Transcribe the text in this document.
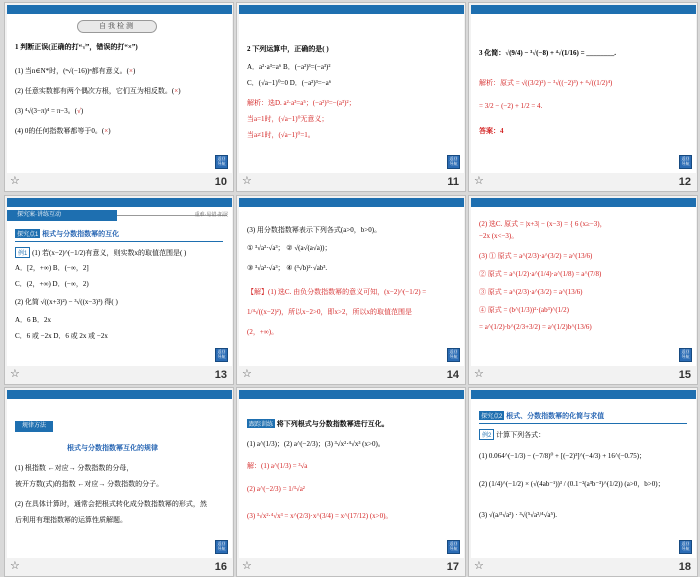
第四章 指数函数、对数函数与幂函数
自我检测
1 判断正误(正确的打“√”，错误的打“×”)
(1) 当n∈N*时，(ⁿ√(−16))ⁿ都有意义。(×)
(2) 任意实数都有两个偶次方根，它们互为相反数。(×)
(3) ⁴√(3−π)⁴ = π−3。(√)
(4) 0的任何指数幂都等于0。(×)
返回导航
☆	10
第四章 指数函数、对数函数与幂函数
2 下列运算中，正确的是( )
A．a²·a³=a⁶ B．(−a²)³=(−a³)²
C．(√a−1)⁰=0 D．(−a²)³=−a⁶
解析：选D. a²·a³=a⁵；(−a²)³=−(a³)²；
当a=1时，(√a−1)⁰无意义；
当a≠1时，(√a−1)⁰=1。
返回导航
☆	11
第四章 指数函数、对数函数与幂函数
3 化简：√(9/4) − ³√(−8) + ⁴√(1/16) = ________.
解析：原式 = √((3/2)²) − ³√((−2)³) + ⁴√((1/2)⁴)
= 3/2 − (−2) + 1/2 = 4.
答案：4
返回导航
☆	12
第四章 指数函数、对数函数与幂函数
探究案·讲练互动	重难·易错·拓展
探究点1 根式与分数指数幂的互化
例1 (1) 若(x−2)^(−1/2)有意义，则实数x的取值范围是( )
A．[2，+∞) B．(−∞，2]
C．(2，+∞) D．(−∞，2)
(2) 化简 √((x+3)²) − ³√((x−3)³) 得( )
A．6 B．2x
C．6 或 −2x D．6 或 2x 或 −2x
返回导航
☆	13
第四章 指数函数、对数函数与幂函数
(3) 用分数指数幂表示下列各式(a>0，b>0)。
① ³√a²·√a³； ② √(a√(a√a))；
③ ³√a²·√a³； ④ (³√b)²·√ab³.
【解】(1) 选C. 由负分数指数幂的意义可知，(x−2)^(−1/2) =
1/⁴√((x−2)²)，所以x−2>0，即x>2，所以x的取值范围是
(2，+∞)。
返回导航
☆	14
第四章 指数函数、对数函数与幂函数
(2) 选C. 原式 = |x+3| − (x−3) = { 6 (x≥−3)，
−2x (x<−3)。
(3) ① 原式 = a^(2/3)·a^(3/2) = a^(13/6)
② 原式 = a^(1/2)·a^(1/4)·a^(1/8) = a^(7/8)
③ 原式 = a^(2/3)·a^(3/2) = a^(13/6)
④ 原式 = (b^(1/3))²·(ab³)^(1/2)
= a^(1/2)·b^(2/3+3/2) = a^(1/2)b^(13/6)
返回导航
☆	15
第四章 指数函数、对数函数与幂函数
规律方法
根式与分数指数幂互化的规律
(1) 根指数 ←对应→ 分数指数的分母，
被开方数(式)的指数 ←对应→ 分数指数的分子。
(2) 在具体计算时，通常会把根式转化成分数指数幂的形式，然
后利用有理指数幂的运算性质解题。
返回导航
☆	16
第四章 指数函数、对数函数与幂函数
跟踪训练 将下列根式与分数指数幂进行互化。
(1) a^(1/3)；(2) a^(−2/3)；(3) ³√x²·⁴√x³ (x>0)。
解：(1) a^(1/3) = ³√a
(2) a^(−2/3) = 1/³√a²
(3) ³√x²·⁴√x³ = x^(2/3)·x^(3/4) = x^(17/12) (x>0)。
返回导航
☆	17
第四章 指数函数、对数函数与幂函数
探究点2 根式、分数指数幂的化简与求值
例2 计算下列各式：
(1) 0.064^(−1/3) − (−7/8)⁰ + [(−2)³]^(−4/3) + 16^(−0.75)；
(2) (1/4)^(−1/2) × (√(4ab⁻¹))³ / (0.1⁻²(a³b⁻³)^(1/2)) (a>0，b>0)；
(3) √(a/³√a²) · ³√(⁵√a²/⁴√a⁵).
返回导航
☆	18
